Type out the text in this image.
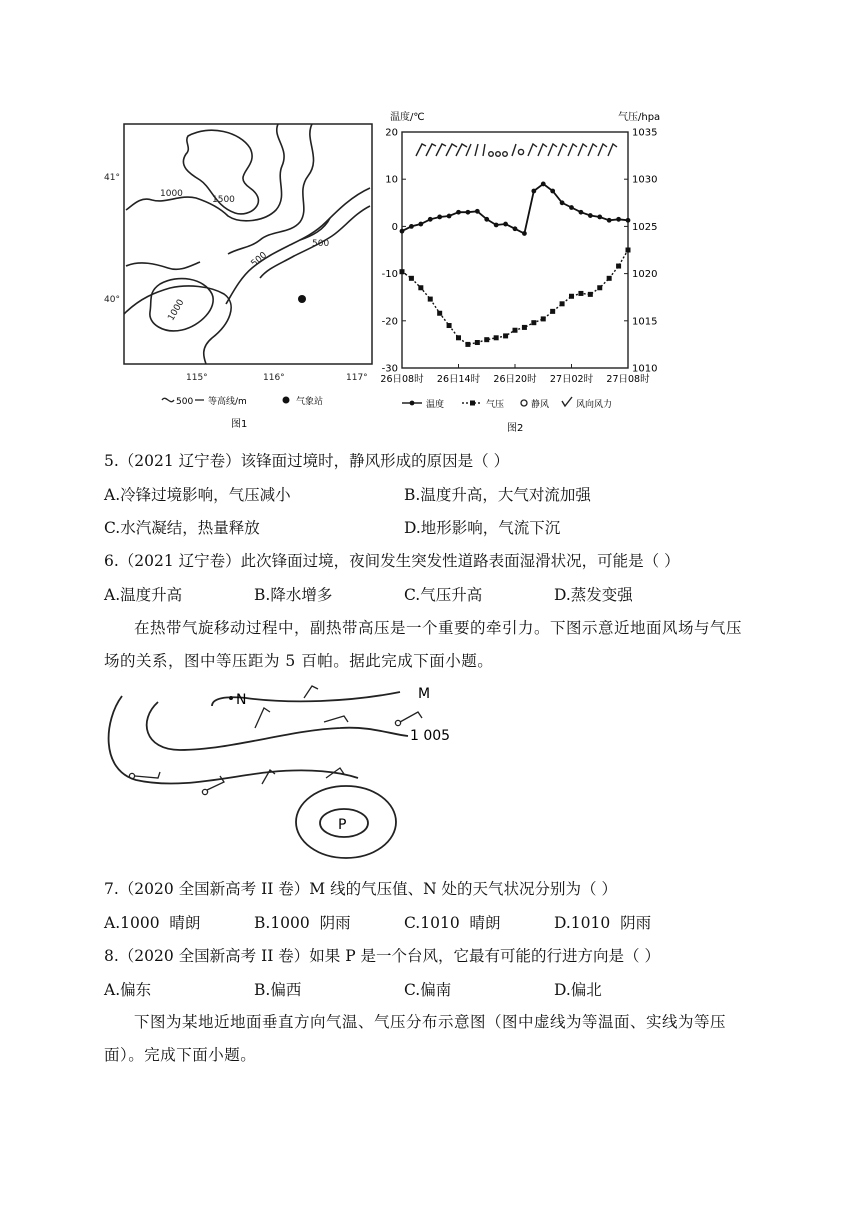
41°
40°
115°	116°	117°
1000
1500
500
500
1000
500 等高线/m	气象站
图1
温度/℃	气压/hpa
20
10
0
-10
-20
-30
1035
1030
1025
1020
1015
1010
26日08时 26日14时 26日20时 27日02时 27日08时
温度	气压	静风	风向风力
图2
5.（2021 辽宁卷）该锋面过境时，静风形成的原因是（ ）
A.冷锋过境影响，气压减小	B.温度升高，大气对流加强
C.水汽凝结，热量释放	D.地形影响，气流下沉
6.（2021 辽宁卷）此次锋面过境，夜间发生突发性道路表面湿滑状况，可能是（ ）
A.温度升高	B.降水增多	C.气压升高	D.蒸发变强
在热带气旋移动过程中，副热带高压是一个重要的牵引力。下图示意近地面风场与气压场的关系，图中等压距为 5 百帕。据此完成下面小题。
N	M
1 005
P
7.（2020 全国新高考 II 卷）M 线的气压值、N 处的天气状况分别为（ ）
A.1000  晴朗	B.1000  阴雨	C.1010  晴朗	D.1010  阴雨
8.（2020 全国新高考 II 卷）如果 P 是一个台风，它最有可能的行进方向是（ ）
A.偏东	B.偏西	C.偏南	D.偏北
下图为某地近地面垂直方向气温、气压分布示意图（图中虚线为等温面、实线为等压面）。完成下面小题。
